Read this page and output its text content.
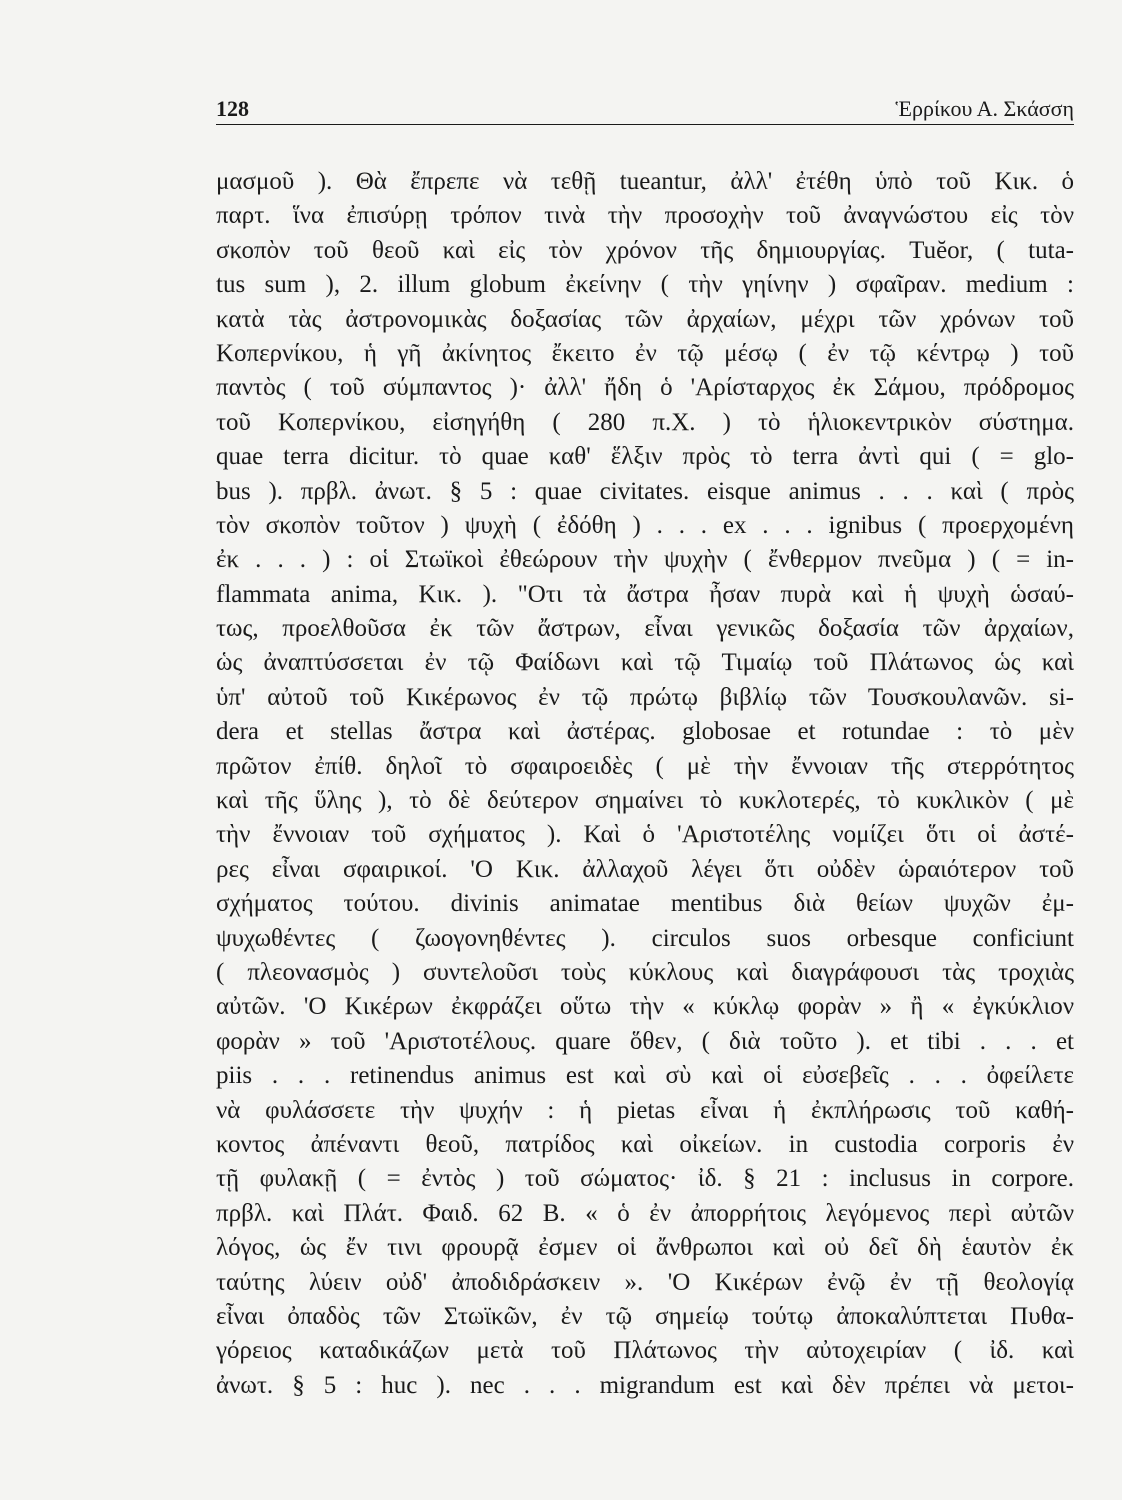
128	Ἑρρίκου Α. Σκάσση
μασμοῦ ). Θὰ ἔπρεπε νὰ τεθῇ tueantur, ἀλλ' ἐτέθη ὑπὸ τοῦ Κικ. ὁ
παρτ. ἵνα ἐπισύρῃ τρόπον τινὰ τὴν προσοχὴν τοῦ ἀναγνώστου εἰς τὸν
σκοπὸν τοῦ θεοῦ καὶ εἰς τὸν χρόνον τῆς δημιουργίας. Tuĕor, ( tuta-
tus sum ), 2. illum globum ἐκείνην ( τὴν γηίνην ) σφαῖραν. medium :
κατὰ τὰς ἀστρονομικὰς δοξασίας τῶν ἀρχαίων, μέχρι τῶν χρόνων τοῦ
Κοπερνίκου, ἡ γῆ ἀκίνητος ἔκειτο ἐν τῷ μέσῳ ( ἐν τῷ κέντρῳ ) τοῦ
παντὸς ( τοῦ σύμπαντος )· ἀλλ' ἤδη ὁ 'Αρίσταρχος ἐκ Σάμου, πρόδρομος
τοῦ Κοπερνίκου, εἰσηγήθη ( 280 π.Χ. ) τὸ ἡλιοκεντρικὸν σύστημα.
quae terra dicitur. τὸ quae καθ' ἕλξιν πρὸς τὸ terra ἀντὶ qui ( = glo-
bus ). πρβλ. ἀνωτ. § 5 : quae civitates. eisque animus . . . καὶ ( πρὸς
τὸν σκοπὸν τοῦτον ) ψυχὴ ( ἐδόθη ) . . . ex . . . ignibus ( προερχομένη
ἐκ . . . ) : οἱ Στωϊκοὶ ἐθεώρουν τὴν ψυχὴν ( ἔνθερμον πνεῦμα ) ( = in-
flammata anima, Κικ. ). "Οτι τὰ ἄστρα ἦσαν πυρὰ καὶ ἡ ψυχὴ ὡσαύ-
τως, προελθοῦσα ἐκ τῶν ἄστρων, εἶναι γενικῶς δοξασία τῶν ἀρχαίων,
ὡς ἀναπτύσσεται ἐν τῷ Φαίδωνι καὶ τῷ Τιμαίῳ τοῦ Πλάτωνος ὡς καὶ
ὑπ' αὐτοῦ τοῦ Κικέρωνος ἐν τῷ πρώτῳ βιβλίῳ τῶν Τουσκουλανῶν. si-
dera et stellas ἄστρα καὶ ἀστέρας. globosae et rotundae : τὸ μὲν
πρῶτον ἐπίθ. δηλοῖ τὸ σφαιροειδὲς ( μὲ τὴν ἔννοιαν τῆς στερρότητος
καὶ τῆς ὕλης ), τὸ δὲ δεύτερον σημαίνει τὸ κυκλοτερές, τὸ κυκλικὸν ( μὲ
τὴν ἔννοιαν τοῦ σχήματος ). Καὶ ὁ 'Αριστοτέλης νομίζει ὅτι οἱ ἀστέ-
ρες εἶναι σφαιρικοί. 'Ο Κικ. ἀλλαχοῦ λέγει ὅτι οὐδὲν ὡραιότερον τοῦ
σχήματος τούτου. divinis animatae mentibus διὰ θείων ψυχῶν ἐμ-
ψυχωθέντες ( ζωογονηθέντες ). circulos suos orbesque conficiunt
( πλεονασμὸς ) συντελοῦσι τοὺς κύκλους καὶ διαγράφουσι τὰς τροχιὰς
αὐτῶν. 'Ο Κικέρων ἐκφράζει οὕτω τὴν « κύκλῳ φορὰν » ἢ « ἐγκύκλιον
φορὰν » τοῦ 'Αριστοτέλους. quare ὅθεν, ( διὰ τοῦτο ). et tibi . . . et
piis . . . retinendus animus est καὶ σὺ καὶ οἱ εὐσεβεῖς . . . ὀφείλετε
νὰ φυλάσσετε τὴν ψυχήν : ἡ pietas εἶναι ἡ ἐκπλήρωσις τοῦ καθή-
κοντος ἀπέναντι θεοῦ, πατρίδος καὶ οἰκείων. in custodia corporis ἐν
τῇ φυλακῇ ( = ἐντὸς ) τοῦ σώματος· ἰδ. § 21 : inclusus in corpore.
πρβλ. καὶ Πλάτ. Φαιδ. 62 Β. « ὁ ἐν ἀπορρήτοις λεγόμενος περὶ αὐτῶν
λόγος, ὡς ἔν τινι φρουρᾷ ἐσμεν οἱ ἄνθρωποι καὶ οὐ δεῖ δὴ ἑαυτὸν ἐκ
ταύτης λύειν οὐδ' ἀποδιδράσκειν ». 'Ο Κικέρων ἐνῷ ἐν τῇ θεολογίᾳ
εἶναι ὀπαδὸς τῶν Στωϊκῶν, ἐν τῷ σημείῳ τούτῳ ἀποκαλύπτεται Πυθα-
γόρειος καταδικάζων μετὰ τοῦ Πλάτωνος τὴν αὐτοχειρίαν ( ἰδ. καὶ
ἀνωτ. § 5 : huc ). nec . . . migrandum est καὶ δὲν πρέπει νὰ μετοι-
